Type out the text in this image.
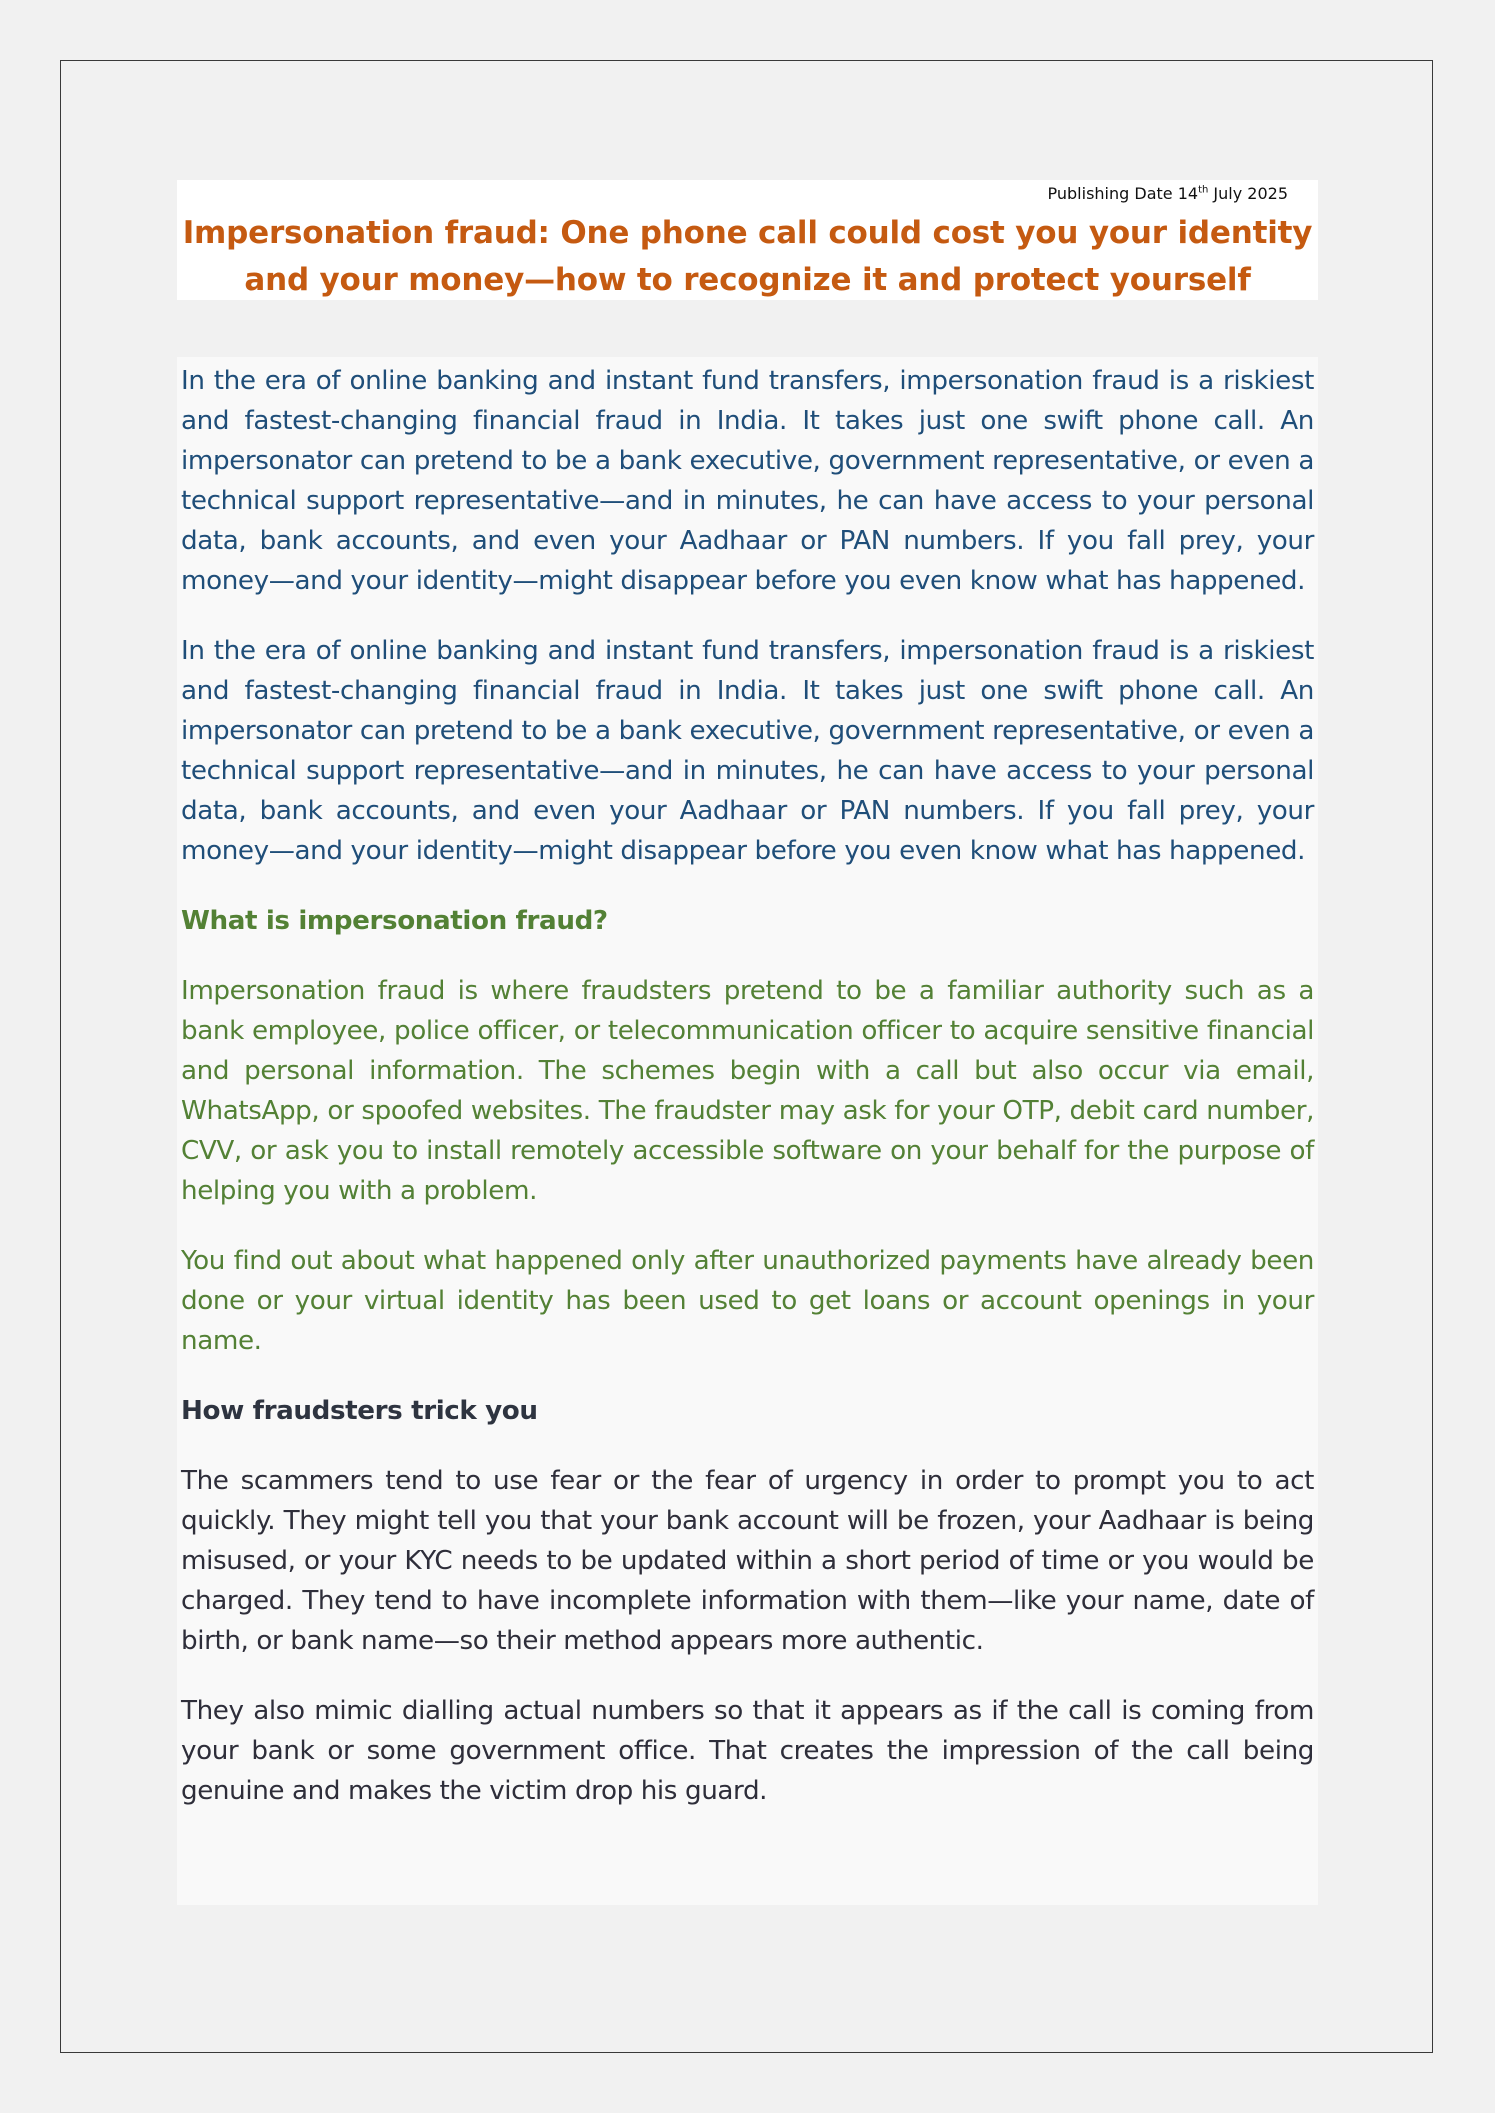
Publishing Date 14th July 2025
Impersonation fraud: One phone call could cost you your identity and your money—how to recognize it and protect yourself

In the era of online banking and instant fund transfers, impersonation fraud is a riskiest and fastest-changing financial fraud in India. It takes just one swift phone call. An impersonator can pretend to be a bank executive, government representative, or even a technical support representative—and in minutes, he can have access to your personal data, bank accounts, and even your Aadhaar or PAN numbers. If you fall prey, your money—and your identity—might disappear before you even know what has happened.

In the era of online banking and instant fund transfers, impersonation fraud is a riskiest and fastest-changing financial fraud in India. It takes just one swift phone call. An impersonator can pretend to be a bank executive, government representative, or even a technical support representative—and in minutes, he can have access to your personal data, bank accounts, and even your Aadhaar or PAN numbers. If you fall prey, your money—and your identity—might disappear before you even know what has happened.

What is impersonation fraud?

Impersonation fraud is where fraudsters pretend to be a familiar authority such as a bank employee, police officer, or telecommunication officer to acquire sensitive financial and personal information. The schemes begin with a call but also occur via email, WhatsApp, or spoofed websites. The fraudster may ask for your OTP, debit card number, CVV, or ask you to install remotely accessible software on your behalf for the purpose of helping you with a problem.

You find out about what happened only after unauthorized payments have already been done or your virtual identity has been used to get loans or account openings in your name.

How fraudsters trick you

The scammers tend to use fear or the fear of urgency in order to prompt you to act quickly. They might tell you that your bank account will be frozen, your Aadhaar is being misused, or your KYC needs to be updated within a short period of time or you would be charged. They tend to have incomplete information with them—like your name, date of birth, or bank name—so their method appears more authentic.

They also mimic dialling actual numbers so that it appears as if the call is coming from your bank or some government office. That creates the impression of the call being genuine and makes the victim drop his guard.
